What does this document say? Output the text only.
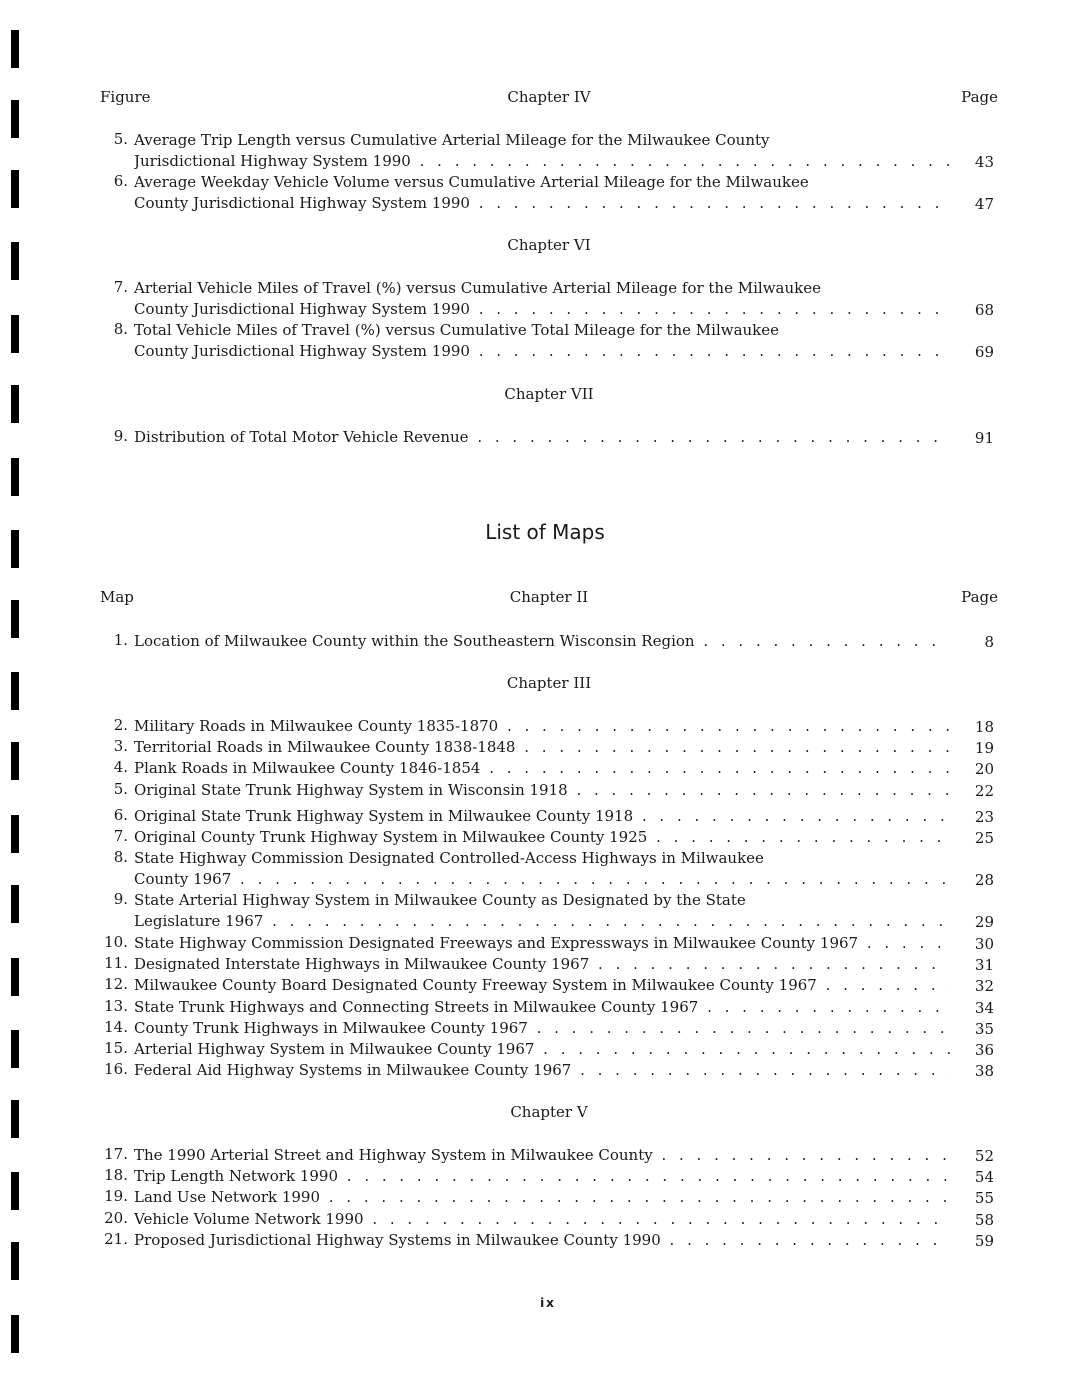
Figure	Chapter IV	Page
5. Average Trip Length versus Cumulative Arterial Mileage for the Milwaukee County
Jurisdictional Highway System 1990 . . .	43
6. Average Weekday Vehicle Volume versus Cumulative Arterial Mileage for the Milwaukee
County Jurisdictional Highway System 1990 . . .	47
Chapter VI
7. Arterial Vehicle Miles of Travel (%) versus Cumulative Arterial Mileage for the Milwaukee
County Jurisdictional Highway System 1990 . . .	68
8. Total Vehicle Miles of Travel (%) versus Cumulative Total Mileage for the Milwaukee
County Jurisdictional Highway System 1990 . . .	69
Chapter VII
9. Distribution of Total Motor Vehicle Revenue . . .	91
List of Maps
Map	Chapter II	Page
1. Location of Milwaukee County within the Southeastern Wisconsin Region . . .	8
Chapter III
2. Military Roads in Milwaukee County 1835-1870 . . .	18
3. Territorial Roads in Milwaukee County 1838-1848 . . .	19
4. Plank Roads in Milwaukee County 1846-1854 . . .	20
5. Original State Trunk Highway System in Wisconsin 1918 . . .	22
6. Original State Trunk Highway System in Milwaukee County 1918 . . .	23
7. Original County Trunk Highway System in Milwaukee County 1925 . . .	25
8. State Highway Commission Designated Controlled-Access Highways in Milwaukee
County 1967 . . .	28
9. State Arterial Highway System in Milwaukee County as Designated by the State
Legislature 1967 . . .	29
10. State Highway Commission Designated Freeways and Expressways in Milwaukee County 1967 . . .	30
11. Designated Interstate Highways in Milwaukee County 1967 . . .	31
12. Milwaukee County Board Designated County Freeway System in Milwaukee County 1967 . . .	32
13. State Trunk Highways and Connecting Streets in Milwaukee County 1967 . . .	34
14. County Trunk Highways in Milwaukee County 1967 . . .	35
15. Arterial Highway System in Milwaukee County 1967 . . .	36
16. Federal Aid Highway Systems in Milwaukee County 1967 . . .	38
Chapter V
17. The 1990 Arterial Street and Highway System in Milwaukee County . . .	52
18. Trip Length Network 1990 . . .	54
19. Land Use Network 1990 . . .	55
20. Vehicle Volume Network 1990 . . .	58
21. Proposed Jurisdictional Highway Systems in Milwaukee County 1990 . . .	59
ix
